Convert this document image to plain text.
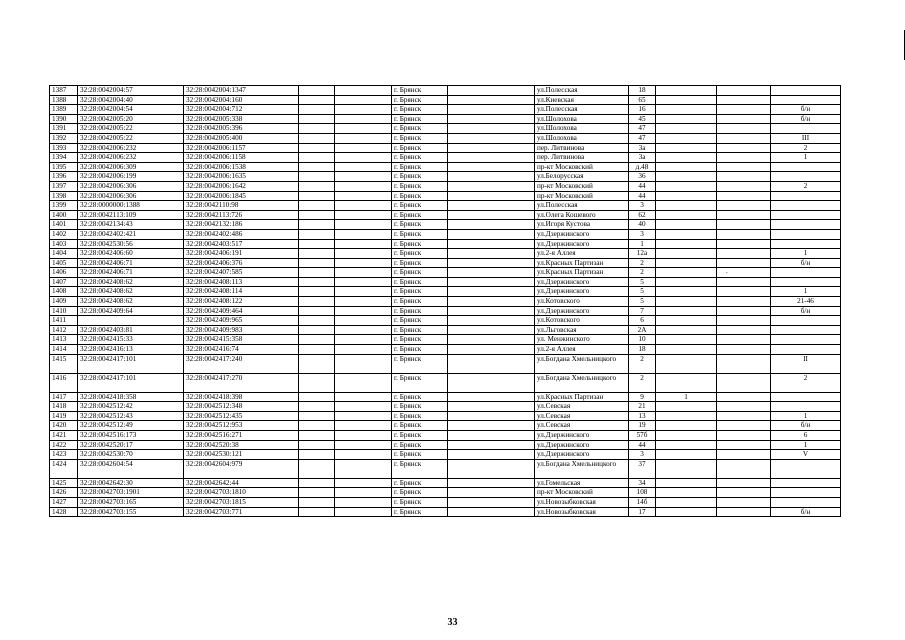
1387	32:28:0042004:57	32:28:0042004:1347			г. Брянск		ул.Полесская	18			
1388	32:28:0042004:40	32:28:0042004:160			г. Брянск		ул.Киевская	65			
1389	32:28:0042004:54	32:28:0042004:712			г. Брянск		ул.Полесская	16			б/н
1390	32:28:0042005:20	32:28:0042005:338			г. Брянск		ул.Шолохова	45			б/н
1391	32:28:0042005:22	32:28:0042005:396			г. Брянск		ул.Шолохова	47			
1392	32:28:0042005:22	32:28:0042005:400			г. Брянск		ул.Шолохова	47			III
1393	32:28:0042006:232	32:28:0042006:1157			г. Брянск		пер. Литвинова	3а			2
1394	32:28:0042006:232	32:28:0042006:1158			г. Брянск		пер. Литвинова	3а			1
1395	32:28:0042006:309	32:28:0042006:1538			г. Брянск		пр-кт Московский	д.48			
1396	32:28:0042006:199	32:28:0042006:1635			г. Брянск		ул.Белорусская	36			
1397	32:28:0042006:306	32:28:0042006:1642			г. Брянск		пр-кт Московский	44			2
1398	32:28:0042006:306	32:28:0042006:1845			г. Брянск		пр-кт Московский	44			
1399	32:28:0000000:1388	32:28:0042110:98			г. Брянск		ул.Полесская	3			
1400	32:28:0042113:109	32:28:0042113:726			г. Брянск		ул.Олега Кошевого	62			
1401	32:28:0042134:43	32:28:0042132:186			г. Брянск		ул.Игоря Кустова	40			
1402	32:28:0042402:421	32:28:0042402:486			г. Брянск		ул.Дзержинского	3			
1403	32:28:0042530:56	32:28:0042403:517			г. Брянск		ул.Дзержинского	1			
1404	32:28:0042406:60	32:28:0042406:191			г. Брянск		ул.2-я Аллея	12а			1
1405	32:28:0042406:71	32:28:0042406:376			г. Брянск		ул.Красных Партизан	2			б/н
1406	32:28:0042406:71	32:28:0042407:585			г. Брянск		ул.Красных Партизан	2			
1407	32:28:0042408:62	32:28:0042408:113			г. Брянск		ул.Дзержинского	5			
1408	32:28:0042408:62	32:28:0042408:114			г. Брянск		ул.Дзержинского	5			1
1409	32:28:0042408:62	32:28:0042408:122			г. Брянск		ул.Котовского	5			21-46
1410	32:28:0042409:64	32:28:0042409:464			г. Брянск		ул.Дзержинского	7			б/н
1411		32:28:0042409:965			г. Брянск		ул.Котовского	6			
1412	32:28:0042403:81	32:28:0042409:983			г. Брянск		ул.Льговская	2А			
1413	32:28:0042415:33	32:28:0042415:358			г. Брянск		ул. Менжинского	10			
1414	32:28:0042416:13	32:28:0042416:74			г. Брянск		ул.2-я Аллея	18			
1415	32:28:0042417:101	32:28:0042417:240			г. Брянск		ул.Богдана Хмельницкого	2			II
1416	32:28:0042417:101	32:28:0042417:270			г. Брянск		ул.Богдана Хмельницкого	2			2
1417	32:28:0042418:358	32:28:0042418:398			г. Брянск		ул.Красных Партизан	9	1		
1418	32:28:0042512:42	32:28:0042512:348			г. Брянск		ул.Севская	21			
1419	32:28:0042512:43	32:28:0042512:435			г. Брянск		ул.Севская	13			1
1420	32:28:0042512:49	32:28:0042512:953			г. Брянск		ул.Севская	19			б/н
1421	32:28:0042516:173	32:28:0042516:271			г. Брянск		ул.Дзержинского	57б			6
1422	32:28:0042520:17	32:28:0042520:38			г. Брянск		ул.Дзержинского	44			1
1423	32:28:0042530:70	32:28:0042530:121			г. Брянск		ул.Дзержинского	3			V
1424	32:28:0042604:54	32:28:0042604:979			г. Брянск		ул.Богдана Хмельницкого	37			
1425	32:28:0042642:30	32:28:0042642:44			г. Брянск		ул.Гомельская	34			
1426	32:28:0042703:1901	32:28:0042703:1810			г. Брянск		пр-кт Московский	108			
1427	32:28:0042703:165	32:28:0042703:1815			г. Брянск		ул.Новозыбковская	14б			
1428	32:28:0042703:155	32:28:0042703:771			г. Брянск		ул.Новозыбковская	17			б/н
.
33
